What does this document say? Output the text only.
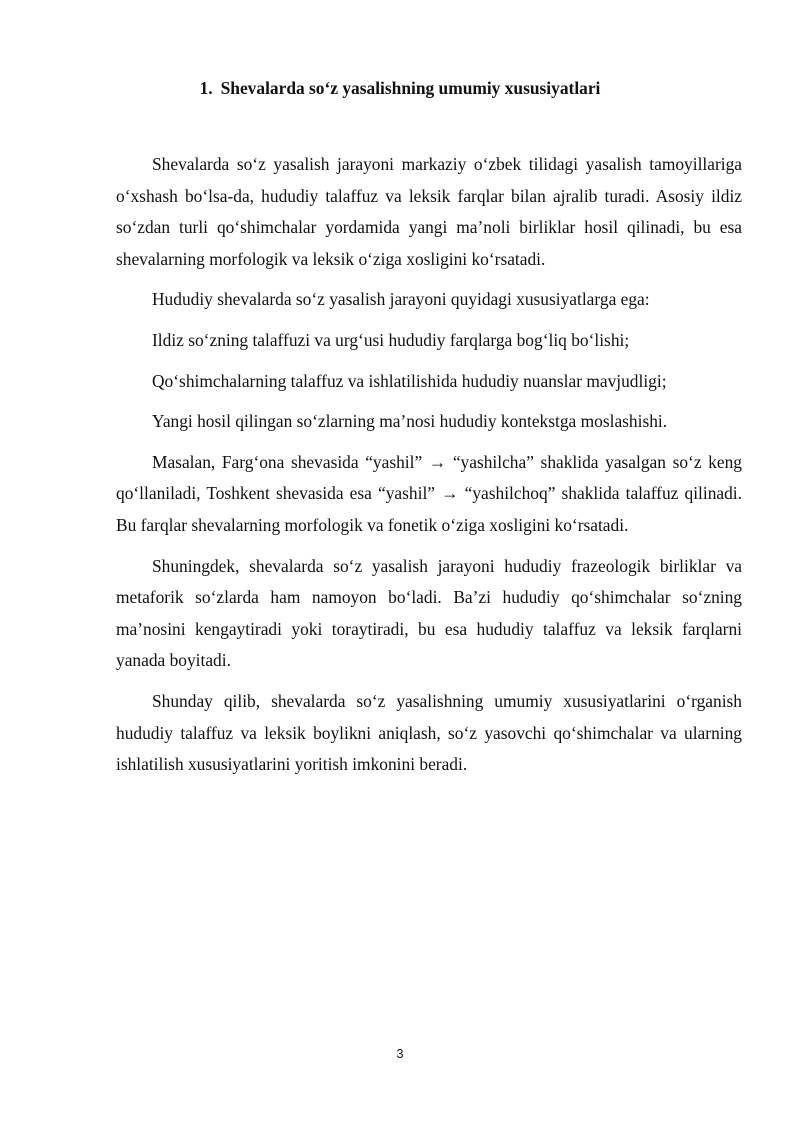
1. Shevalarda so‘z yasalishning umumiy xususiyatlari

Shevalarda so‘z yasalish jarayoni markaziy o‘zbek tilidagi yasalish tamoyillariga o‘xshash bo‘lsa-da, hududiy talaffuz va leksik farqlar bilan ajralib turadi. Asosiy ildiz so‘zdan turli qo‘shimchalar yordamida yangi ma’noli birliklar hosil qilinadi, bu esa shevalarning morfologik va leksik o‘ziga xosligini ko‘rsatadi.

Hududiy shevalarda so‘z yasalish jarayoni quyidagi xususiyatlarga ega:

Ildiz so‘zning talaffuzi va urg‘usi hududiy farqlarga bog‘liq bo‘lishi;

Qo‘shimchalarning talaffuz va ishlatilishida hududiy nuanslar mavjudligi;

Yangi hosil qilingan so‘zlarning ma’nosi hududiy kontekstga moslashishi.

Masalan, Farg‘ona shevasida “yashil” → “yashilcha” shaklida yasalgan so‘z keng qo‘llaniladi, Toshkent shevasida esa “yashil” → “yashilchoq” shaklida talaffuz qilinadi. Bu farqlar shevalarning morfologik va fonetik o‘ziga xosligini ko‘rsatadi.

Shuningdek, shevalarda so‘z yasalish jarayoni hududiy frazeologik birliklar va metaforik so‘zlarda ham namoyon bo‘ladi. Ba’zi hududiy qo‘shimchalar so‘zning ma’nosini kengaytiradi yoki toraytiradi, bu esa hududiy talaffuz va leksik farqlarni yanada boyitadi.

Shunday qilib, shevalarda so‘z yasalishning umumiy xususiyatlarini o‘rganish hududiy talaffuz va leksik boylikni aniqlash, so‘z yasovchi qo‘shimchalar va ularning ishlatilish xususiyatlarini yoritish imkonini beradi.

3
